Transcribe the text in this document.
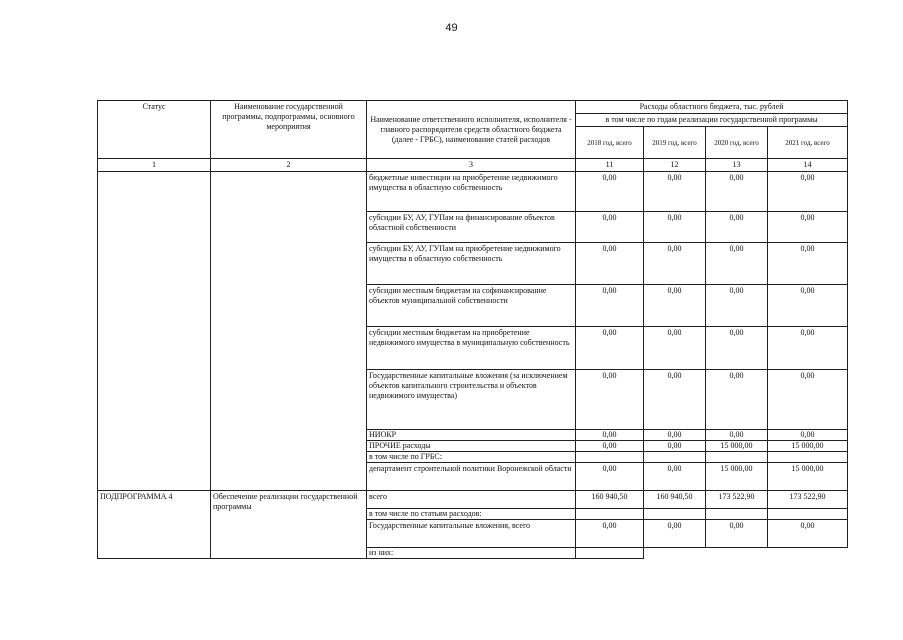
49
Статус	Наименование государственной программы, подпрограммы, основного мероприятия	Наименование ответственного исполнителя, исполнителя - главного распорядителя средств областного бюджета (далее - ГРБС), наименование статей расходов	Расходы областного бюджета, тыс. рублей			
			в том числе по годам реализации государственной программы			
			2018 год, всего	2019 год, всего	2020 год, всего	2021 год, всего
1	2	3	11	12	13	14
		бюджетные инвестиции на приобретение недвижимого имущества в областную собственность	0,00	0,00	0,00	0,00
		субсидии БУ, АУ, ГУПам на финансирование объектов областной собственности	0,00	0,00	0,00	0,00
		субсидии БУ, АУ, ГУПам на приобретение недвижимого имущества в областную собственность	0,00	0,00	0,00	0,00
		субсидии местным бюджетам на софинансирование объектов муниципальной собственности	0,00	0,00	0,00	0,00
		субсидии местным бюджетам на приобретение недвижимого имущества в муниципальную собственность	0,00	0,00	0,00	0,00
		Государственные капитальные вложения (за исключением объектов капитального строительства и объектов недвижимого имущества)	0,00	0,00	0,00	0,00
		НИОКР	0,00	0,00	0,00	0,00
		ПРОЧИЕ расходы	0,00	0,00	15 000,00	15 000,00
		в том числе по ГРБС:				
		департамент строительной политики Воронежской области	0,00	0,00	15 000,00	15 000,00
ПОДПРОГРАММА 4	Обеспечение реализации государственной программы	всего	160 940,50	160 940,50	173 522,90	173 522,90
		в том числе по статьям расходов:				
		Государственные капитальные вложения, всего	0,00	0,00	0,00	0,00
		из них:				
